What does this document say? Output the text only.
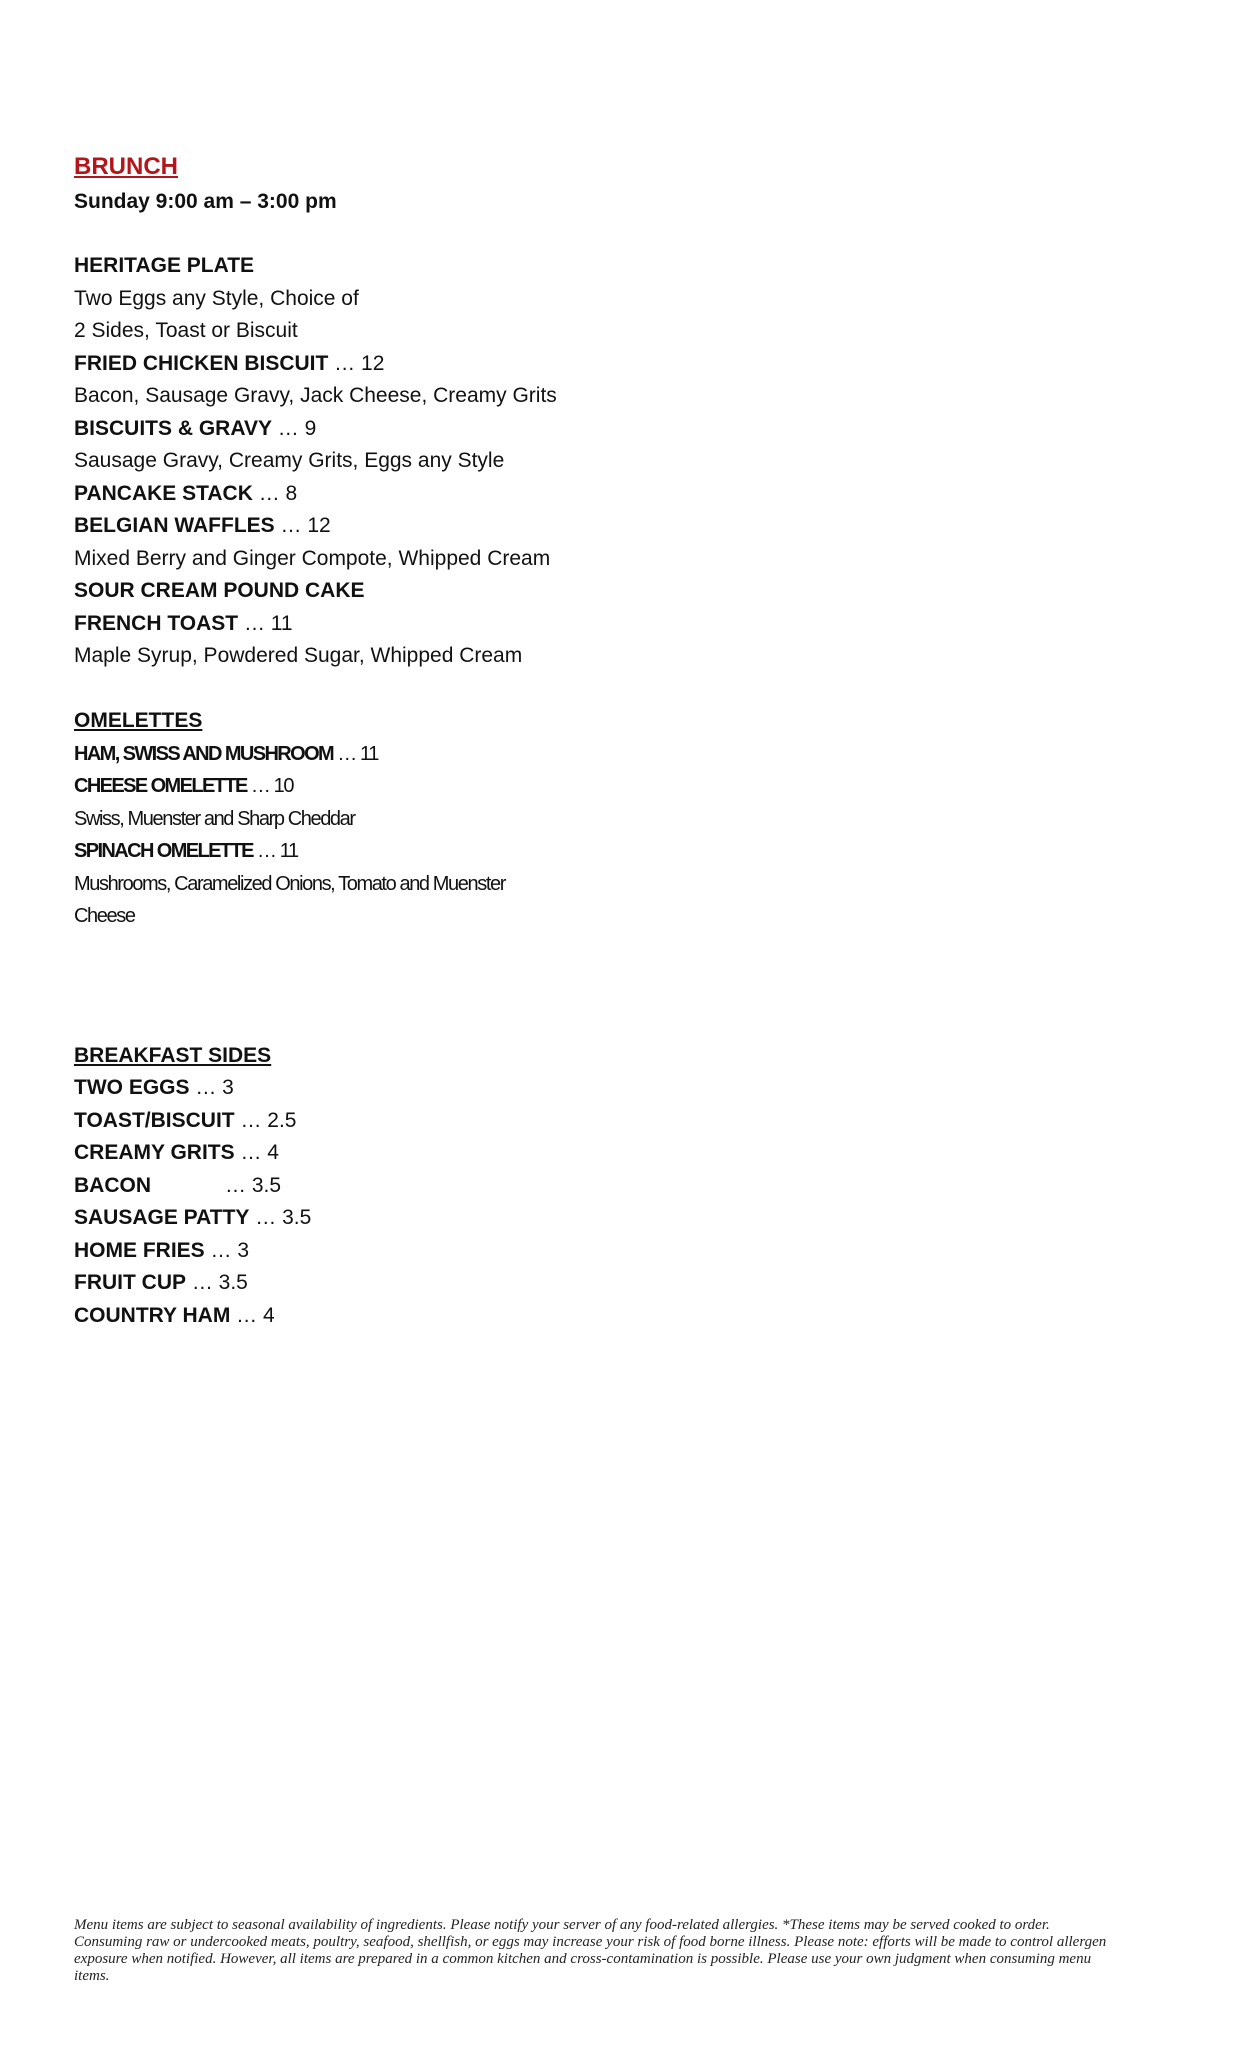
BRUNCH
Sunday 9:00 am – 3:00 pm
HERITAGE PLATE
Two Eggs any Style, Choice of
2 Sides, Toast or Biscuit
FRIED CHICKEN BISCUIT … 12
Bacon, Sausage Gravy, Jack Cheese, Creamy Grits
BISCUITS & GRAVY … 9
Sausage Gravy, Creamy Grits, Eggs any Style
PANCAKE STACK … 8
BELGIAN WAFFLES … 12
Mixed Berry and Ginger Compote, Whipped Cream
SOUR CREAM POUND CAKE
FRENCH TOAST … 11
Maple Syrup, Powdered Sugar, Whipped Cream
OMELETTES
HAM, SWISS AND MUSHROOM … 11
CHEESE OMELETTE … 10
Swiss, Muenster and Sharp Cheddar
SPINACH OMELETTE … 11
Mushrooms, Caramelized Onions, Tomato and Muenster
Cheese
BREAKFAST SIDES
TWO EGGS … 3
TOAST/BISCUIT … 2.5
CREAMY GRITS … 4
BACON	… 3.5
SAUSAGE PATTY … 3.5
HOME FRIES … 3
FRUIT CUP … 3.5
COUNTRY HAM … 4
Menu items are subject to seasonal availability of ingredients. Please notify your server of any food-related allergies. *These items may be served cooked to order.
Consuming raw or undercooked meats, poultry, seafood, shellfish, or eggs may increase your risk of food borne illness. Please note: efforts will be made to control allergen
exposure when notified. However, all items are prepared in a common kitchen and cross-contamination is possible. Please use your own judgment when consuming menu
items.
